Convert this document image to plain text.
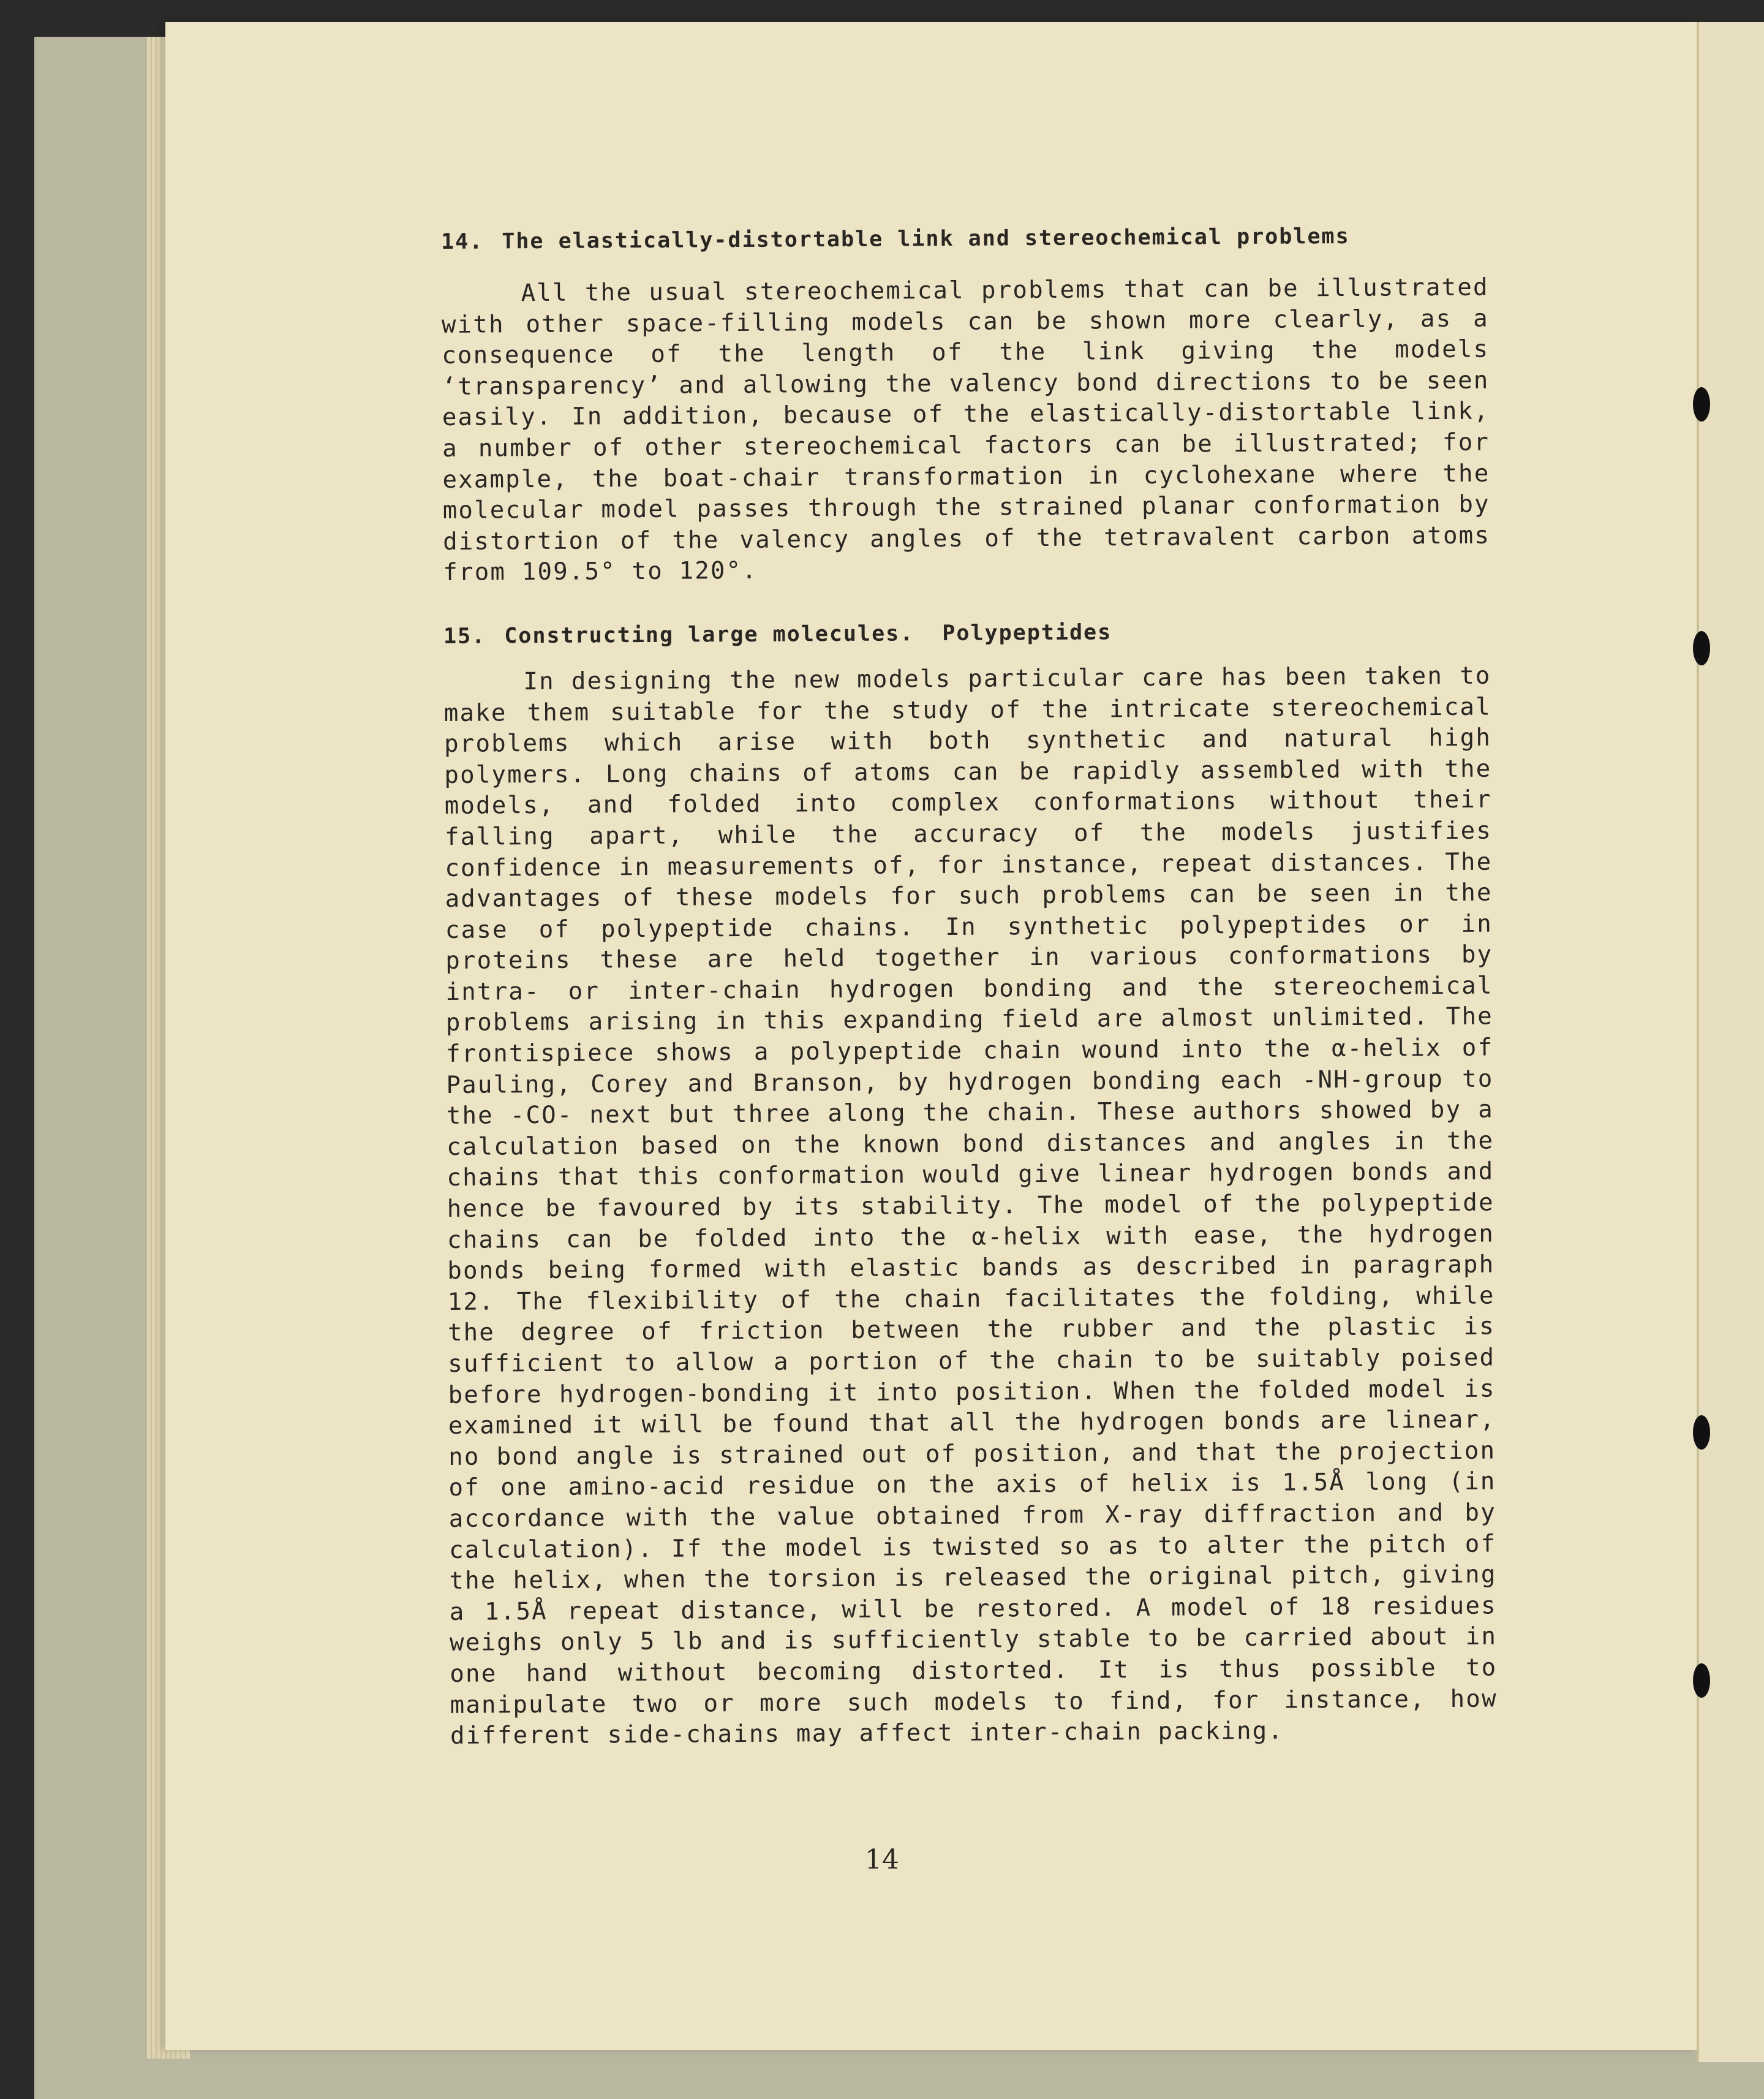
14. The elastically-distortable link and stereochemical problems

All the usual stereochemical problems that can be illustrated with other space-filling models can be shown more clearly, as a consequence of the length of the link giving the models ‘transparency’ and allowing the valency bond directions to be seen easily. In addition, because of the elastically-distortable link, a number of other stereochemical factors can be illustrated; for example, the boat-chair transformation in cyclohexane where the molecular model passes through the strained planar conformation by distortion of the valency angles of the tetravalent carbon atoms from 109.5° to 120°.

15. Constructing large molecules. Polypeptides

In designing the new models particular care has been taken to make them suitable for the study of the intricate stereochemical problems which arise with both synthetic and natural high polymers. Long chains of atoms can be rapidly assembled with the models, and folded into complex conformations without their falling apart, while the accuracy of the models justifies confidence in measurements of, for instance, repeat distances. The advantages of these models for such problems can be seen in the case of polypeptide chains. In synthetic polypeptides or in proteins these are held together in various conformations by intra- or inter-chain hydrogen bonding and the stereochemical problems arising in this expanding field are almost unlimited. The frontispiece shows a polypeptide chain wound into the α-helix of Pauling, Corey and Branson, by hydrogen bonding each -NH-group to the -CO- next but three along the chain. These authors showed by a calculation based on the known bond distances and angles in the chains that this conformation would give linear hydrogen bonds and hence be favoured by its stability. The model of the polypeptide chains can be folded into the α-helix with ease, the hydrogen bonds being formed with elastic bands as described in paragraph 12. The flexibility of the chain facilitates the folding, while the degree of friction between the rubber and the plastic is sufficient to allow a portion of the chain to be suitably poised before hydrogen-bonding it into position. When the folded model is examined it will be found that all the hydrogen bonds are linear, no bond angle is strained out of position, and that the projection of one amino-acid residue on the axis of helix is 1.5Å long (in accordance with the value obtained from X-ray diffraction and by calculation). If the model is twisted so as to alter the pitch of the helix, when the torsion is released the original pitch, giving a 1.5Å repeat distance, will be restored. A model of 18 residues weighs only 5 lb and is sufficiently stable to be carried about in one hand without becoming distorted. It is thus possible to manipulate two or more such models to find, for instance, how different side-chains may affect inter-chain packing.

14
